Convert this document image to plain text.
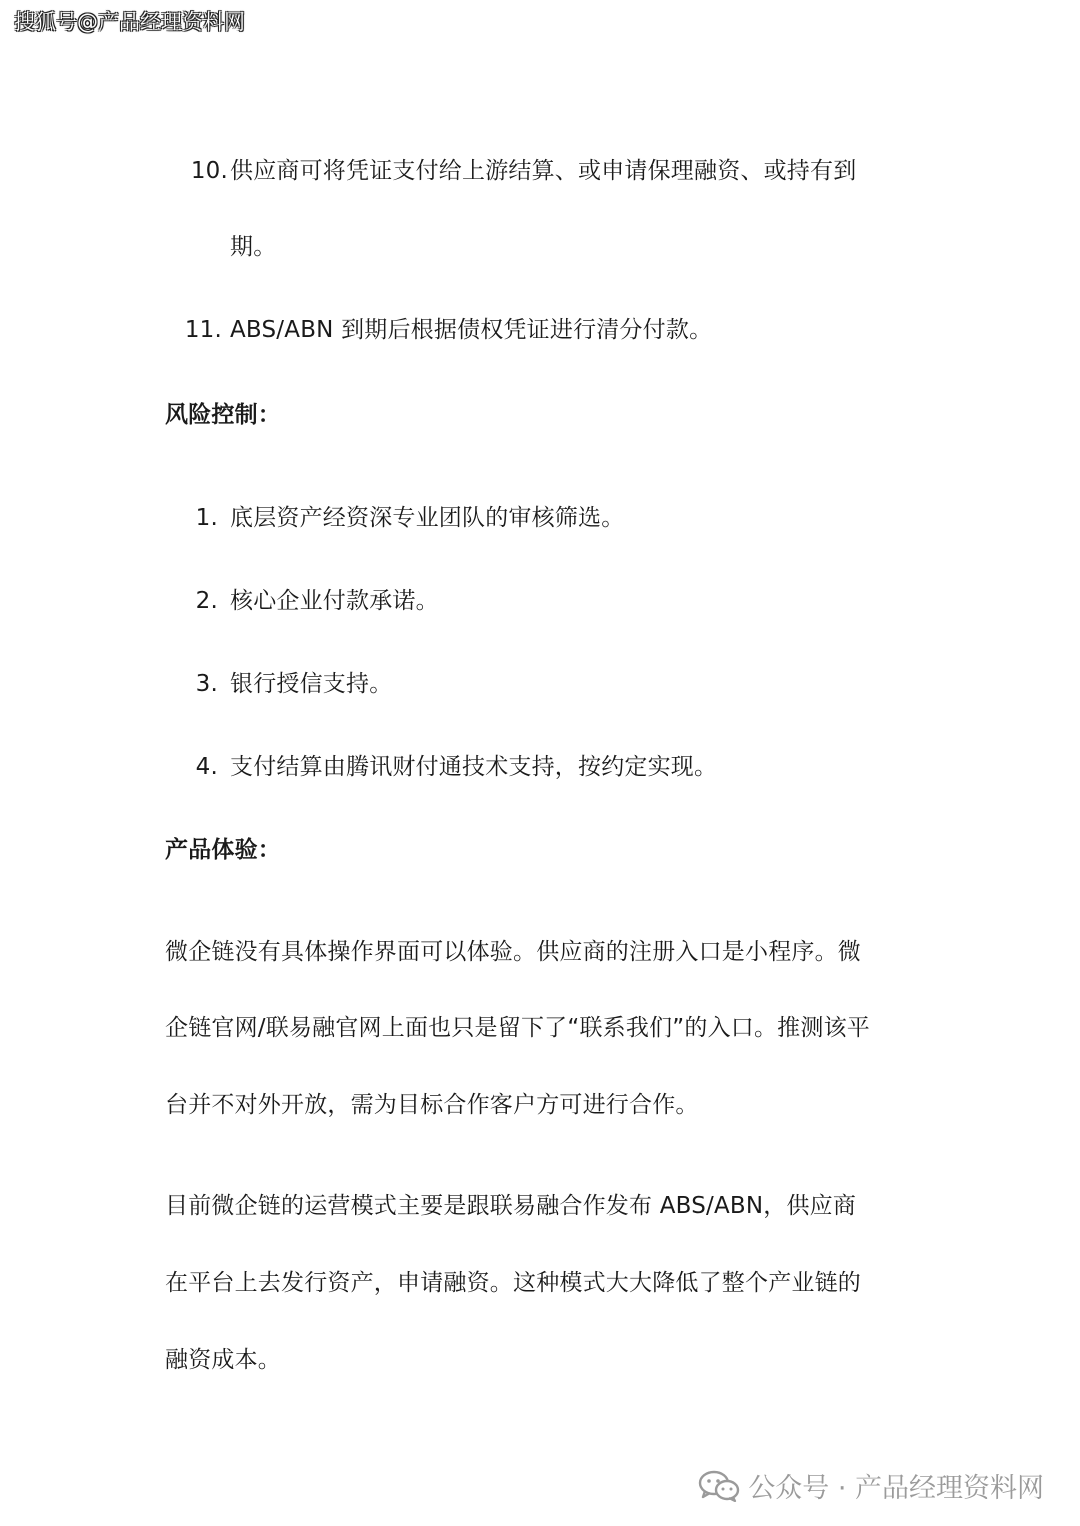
搜狐号@产品经理资料网
10. 供应商可将凭证支付给上游结算、或申请保理融资、或持有到
期。
11. ABS/ABN 到期后根据债权凭证进行清分付款。
风险控制：
1. 底层资产经资深专业团队的审核筛选。
2. 核心企业付款承诺。
3. 银行授信支持。
4. 支付结算由腾讯财付通技术支持，按约定实现。
产品体验：
微企链没有具体操作界面可以体验。供应商的注册入口是小程序。微
企链官网/联易融官网上面也只是留下了“联系我们”的入口。推测该平
台并不对外开放，需为目标合作客户方可进行合作。
目前微企链的运营模式主要是跟联易融合作发布 ABS/ABN，供应商
在平台上去发行资产，申请融资。这种模式大大降低了整个产业链的
融资成本。
公众号 · 产品经理资料网
